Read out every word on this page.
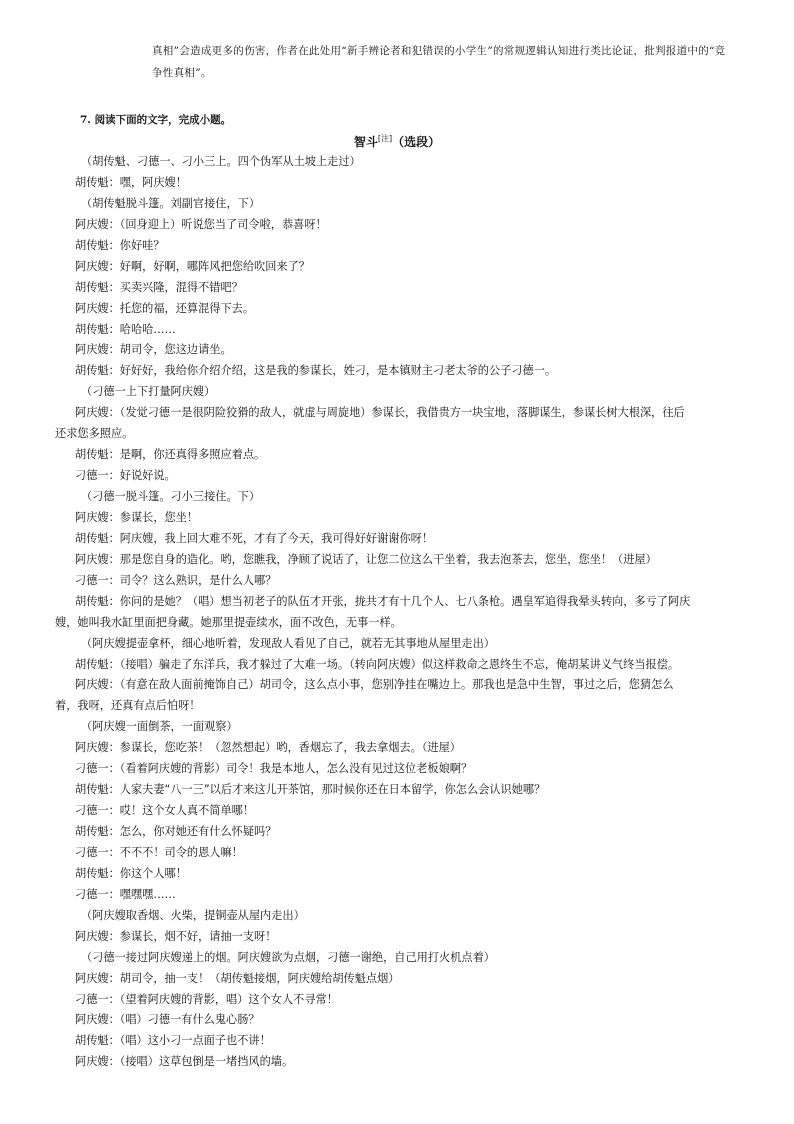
真相”会造成更多的伤害，作者在此处用“新手辨论者和犯错误的小学生”的常规逻辑认知进行类比论证，批判报道中的“竞
争性真相”。
7. 阅读下面的文字，完成小题。
智斗[注]（选段）
（胡传魁、刁德一、刁小三上。四个伪军从土坡上走过）
胡传魁：嘿，阿庆嫂！
（胡传魁脱斗篷。刘副官接住，下）
阿庆嫂：（回身迎上）听说您当了司令啦，恭喜呀！
胡传魁：你好哇？
阿庆嫂：好啊，好啊，哪阵风把您给吹回来了？
胡传魁：买卖兴隆，混得不错吧？
阿庆嫂：托您的福，还算混得下去。
胡传魁：哈哈哈……
阿庆嫂：胡司令，您这边请坐。
胡传魁：好好好，我给你介绍介绍，这是我的参谋长，姓刁，是本镇财主刁老太爷的公子刁德一。
（刁德一上下打量阿庆嫂）
阿庆嫂：（发觉刁德一是很阴险狡猾的敌人，就虚与周旋地）参谋长，我借贵方一块宝地，落脚谋生，参谋长树大根深，往后
还求您多照应。
胡传魁：是啊，你还真得多照应着点。
刁德一：好说好说。
（刁德一脱斗篷。刁小三接住。下）
阿庆嫂：参谋长，您坐！
胡传魁：阿庆嫂，我上回大难不死，才有了今天，我可得好好谢谢你呀！
阿庆嫂：那是您自身的造化。哟，您瞧我，净顾了说话了，让您二位这么干坐着，我去泡茶去，您坐，您坐！（进屋）
刁德一：司令？这么熟识，是什么人哪？
胡传魁：你问的是她？（唱）想当初老子的队伍才开张，拢共才有十几个人、七八条枪。遇皇军追得我晕头转向，多亏了阿庆
嫂，她叫我水缸里面把身藏。她那里提壶续水，面不改色，无事一样。
（阿庆嫂提壶拿杯，细心地听着，发现敌人看见了自己，就若无其事地从屋里走出）
胡传魁：（接唱）骗走了东洋兵，我才躲过了大难一场。（转向阿庆嫂）似这样救命之恩终生不忘，俺胡某讲义气终当报偿。
阿庆嫂：（有意在敌人面前掩饰自己）胡司令，这么点小事，您别净挂在嘴边上。那我也是急中生智，事过之后，您猜怎么
着，我呀，还真有点后怕呀！
（阿庆嫂一面倒茶，一面观察）
阿庆嫂：参谋长，您吃茶！（忽然想起）哟，香烟忘了，我去拿烟去。（进屋）
刁德一：（看着阿庆嫂的背影）司令！我是本地人，怎么没有见过这位老板娘啊？
胡传魁：人家夫妻“八一三”以后才来这儿开茶馆，那时候你还在日本留学，你怎么会认识她哪？
刁德一：哎！这个女人真不简单哪！
胡传魁：怎么，你对她还有什么怀疑吗？
刁德一：不不不！司令的恩人嘛！
胡传魁：你这个人哪！
刁德一：嘿嘿嘿……
（阿庆嫂取香烟、火柴，提铜壶从屋内走出）
阿庆嫂：参谋长，烟不好，请抽一支呀！
（刁德一接过阿庆嫂递上的烟。阿庆嫂欲为点烟，刁德一谢绝，自己用打火机点着）
阿庆嫂：胡司令，抽一支！（胡传魁接烟，阿庆嫂给胡传魁点烟）
刁德一：（望着阿庆嫂的背影，唱）这个女人不寻常！
阿庆嫂：（唱）刁德一有什么鬼心肠？
胡传魁：（唱）这小刁一点面子也不讲！
阿庆嫂：（接唱）这草包倒是一堵挡风的墙。
